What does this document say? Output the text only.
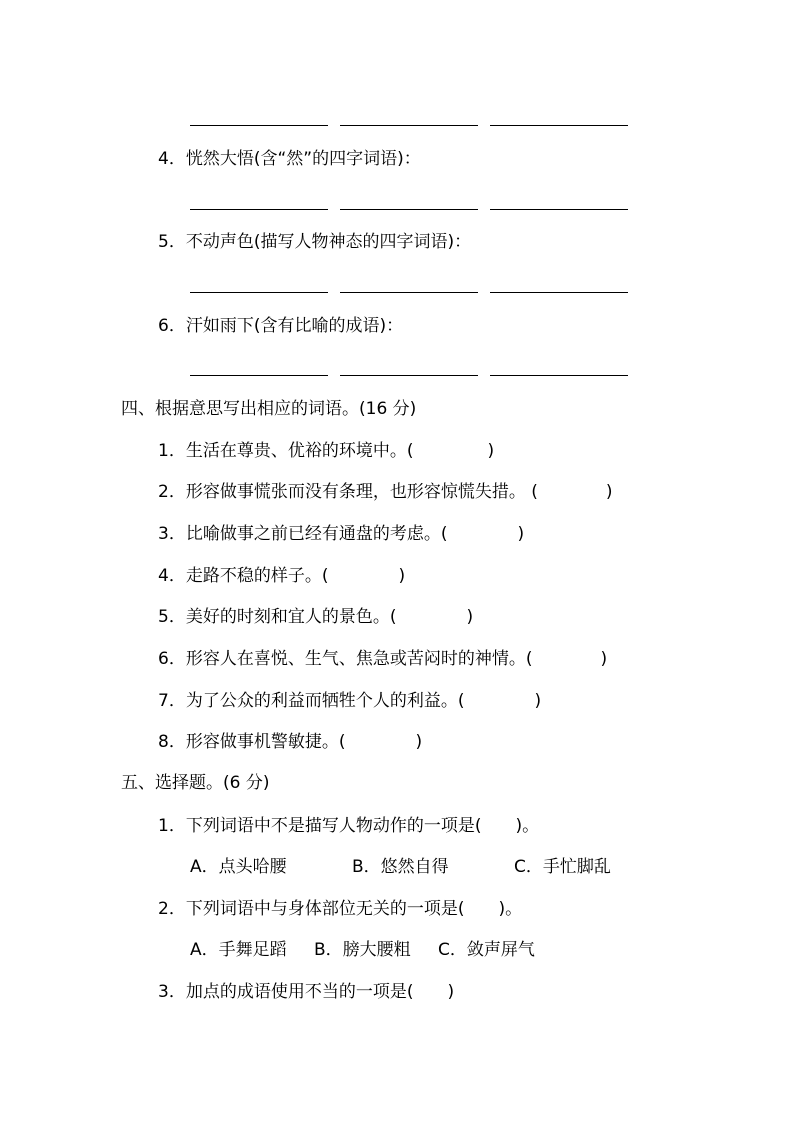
4．恍然大悟(含“然”的四字词语)：
5．不动声色(描写人物神态的四字词语)：
6．汗如雨下(含有比喻的成语)：
四、根据意思写出相应的词语。(16 分)
1．生活在尊贵、优裕的环境中。(	)
2．形容做事慌张而没有条理，也形容惊慌失措。 (	)
3．比喻做事之前已经有通盘的考虑。(	)
4．走路不稳的样子。(	)
5．美好的时刻和宜人的景色。(	)
6．形容人在喜悦、生气、焦急或苦闷时的神情。(	)
7．为了公众的利益而牺牲个人的利益。(	)
8．形容做事机警敏捷。(	)
五、选择题。(6 分)
1．下列词语中不是描写人物动作的一项是(　　)。
A．点头哈腰	B．悠然自得	C．手忙脚乱
2．下列词语中与身体部位无关的一项是(　　)。
A．手舞足蹈 B．膀大腰粗 C．敛声屏气
3．加点的成语使用不当的一项是(　　)
